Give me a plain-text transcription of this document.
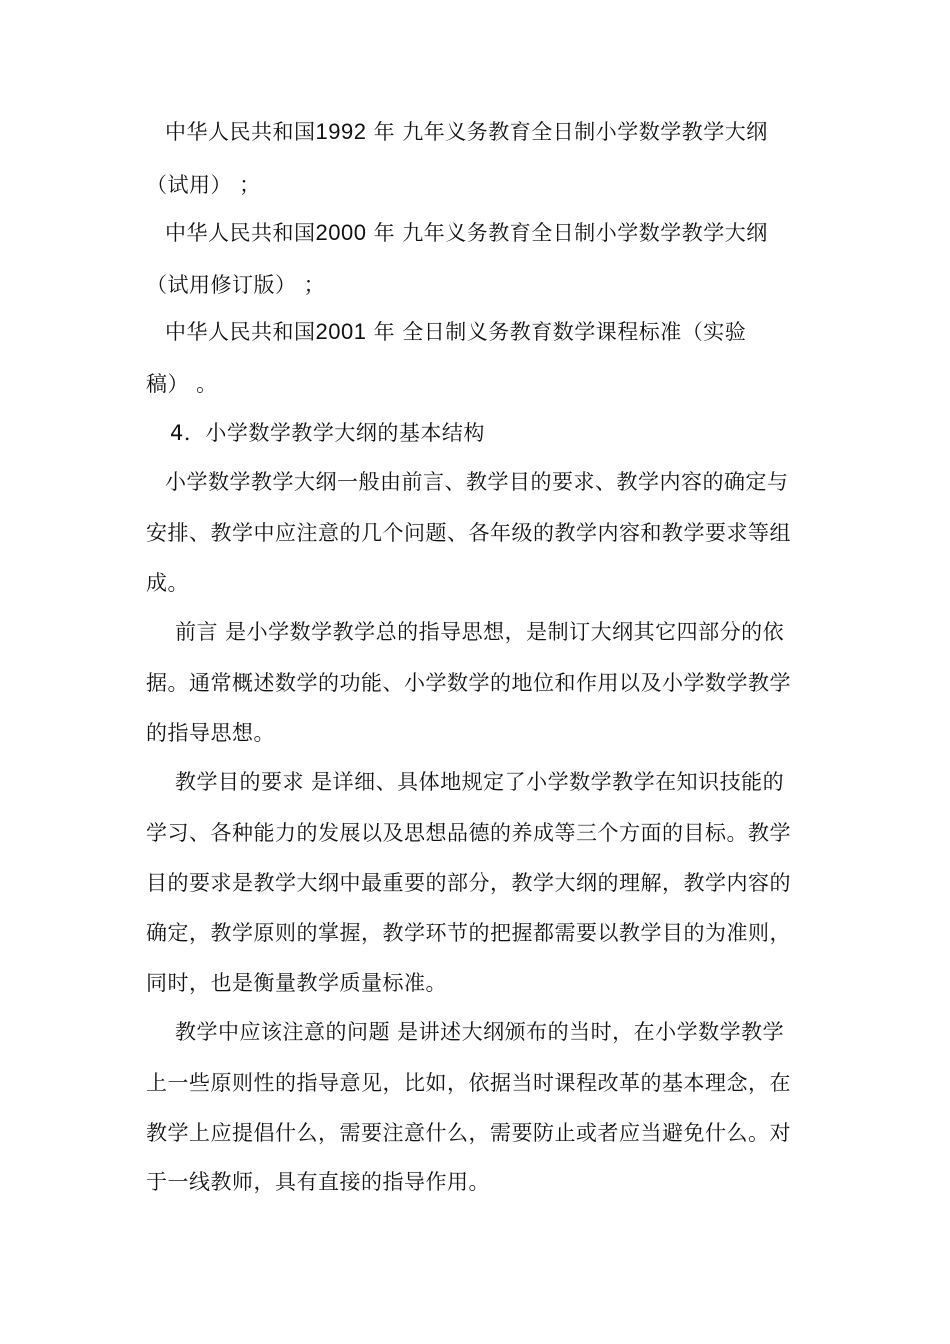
中华人民共和国1992 年 九年义务教育全日制小学数学教学大纲
（试用） ；
中华人民共和国2000 年 九年义务教育全日制小学数学教学大纲
（试用修订版） ；
中华人民共和国2001 年 全日制义务教育数学课程标准（实验
稿） 。
4．小学数学教学大纲的基本结构
小学数学教学大纲一般由前言、教学目的要求、教学内容的确定与
安排、教学中应注意的几个问题、各年级的教学内容和教学要求等组
成。
前言 是小学数学教学总的指导思想，是制订大纲其它四部分的依
据。通常概述数学的功能、小学数学的地位和作用以及小学数学教学
的指导思想。
教学目的要求 是详细、具体地规定了小学数学教学在知识技能的
学习、各种能力的发展以及思想品德的养成等三个方面的目标。教学
目的要求是教学大纲中最重要的部分，教学大纲的理解，教学内容的
确定，教学原则的掌握，教学环节的把握都需要以教学目的为准则，
同时，也是衡量教学质量标准。
教学中应该注意的问题 是讲述大纲颁布的当时，在小学数学教学
上一些原则性的指导意见，比如，依据当时课程改革的基本理念，在
教学上应提倡什么，需要注意什么，需要防止或者应当避免什么。对
于一线教师，具有直接的指导作用。
